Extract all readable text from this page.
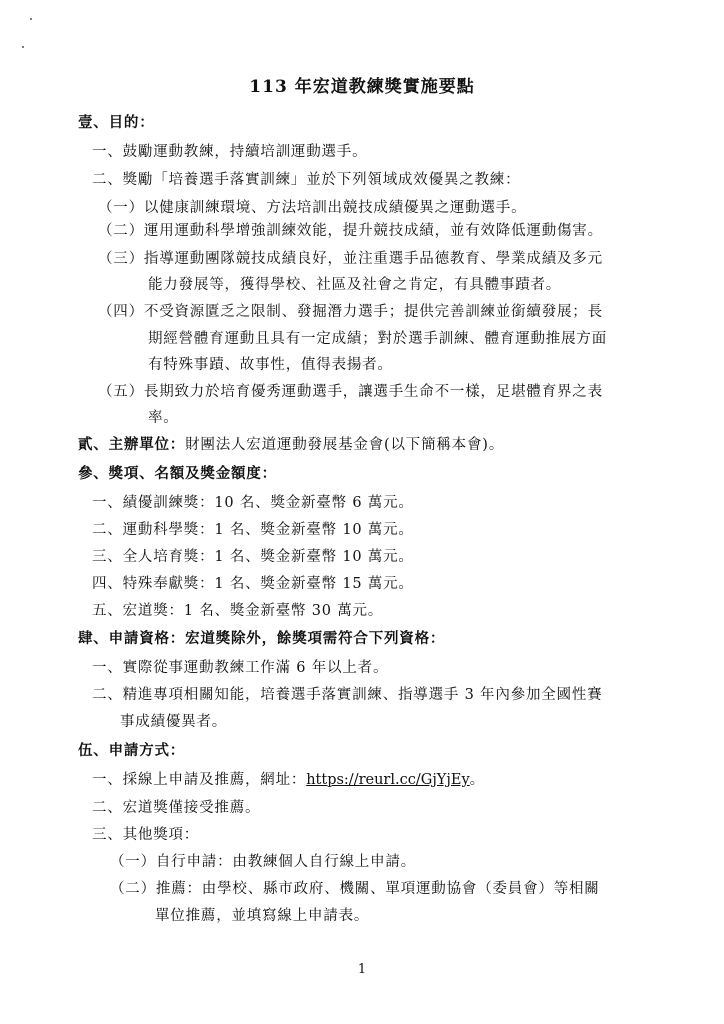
113 年宏道教練獎實施要點
壹、目的：
一、鼓勵運動教練，持續培訓運動選手。
二、獎勵「培養選手落實訓練」並於下列領域成效優異之教練：
（一）以健康訓練環境、方法培訓出競技成績優異之運動選手。
（二）運用運動科學增強訓練效能，提升競技成績，並有效降低運動傷害。
（三）指導運動團隊競技成績良好，並注重選手品德教育、學業成績及多元
能力發展等，獲得學校、社區及社會之肯定，有具體事蹟者。
（四）不受資源匱乏之限制、發掘潛力選手；提供完善訓練並銜續發展；長
期經營體育運動且具有一定成績；對於選手訓練、體育運動推展方面
有特殊事蹟、故事性，值得表揚者。
（五）長期致力於培育優秀運動選手，讓選手生命不一樣，足堪體育界之表
率。
貳、主辦單位：財團法人宏道運動發展基金會(以下簡稱本會)。
參、獎項、名額及獎金額度：
一、績優訓練獎：10 名、獎金新臺幣 6 萬元。
二、運動科學獎：1 名、獎金新臺幣 10 萬元。
三、全人培育獎：1 名、獎金新臺幣 10 萬元。
四、特殊奉獻獎：1 名、獎金新臺幣 15 萬元。
五、宏道獎：1 名、獎金新臺幣 30 萬元。
肆、申請資格：宏道獎除外，餘獎項需符合下列資格：
一、實際從事運動教練工作滿 6 年以上者。
二、精進專項相關知能，培養選手落實訓練、指導選手 3 年內參加全國性賽
事成績優異者。
伍、申請方式：
一、採線上申請及推薦，網址：https://reurl.cc/GjYjEy。
二、宏道獎僅接受推薦。
三、其他獎項：
（一）自行申請：由教練個人自行線上申請。
（二）推薦：由學校、縣市政府、機關、單項運動協會（委員會）等相關
單位推薦，並填寫線上申請表。
1
